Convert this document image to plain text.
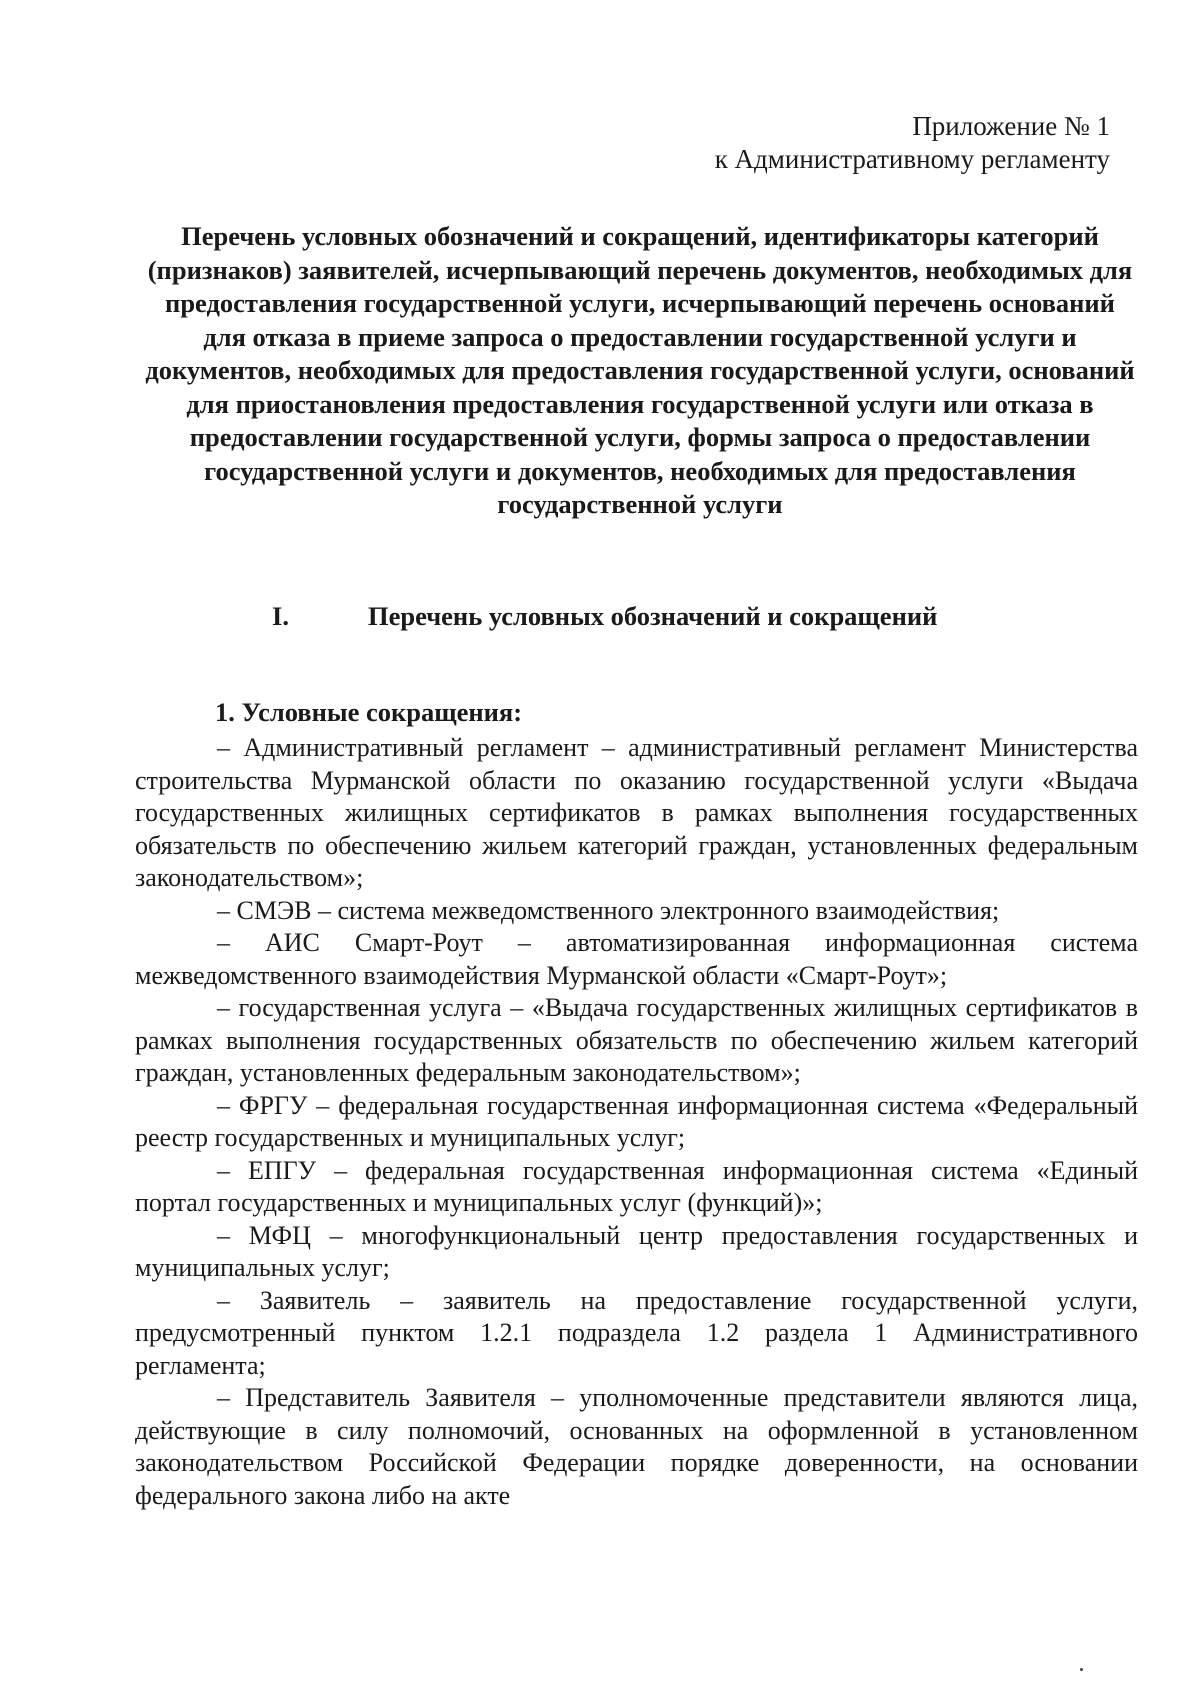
Приложение № 1
к Административному регламенту
Перечень условных обозначений и сокращений, идентификаторы категорий (признаков) заявителей, исчерпывающий перечень документов, необходимых для предоставления государственной услуги, исчерпывающий перечень оснований для отказа в приеме запроса о предоставлении государственной услуги и документов, необходимых для предоставления государственной услуги, оснований для приостановления предоставления государственной услуги или отказа в предоставлении государственной услуги, формы запроса о предоставлении государственной услуги и документов, необходимых для предоставления государственной услуги
I.	Перечень условных обозначений и сокращений
1. Условные сокращения:

– Административный регламент – административный регламент Министерства строительства Мурманской области по оказанию государственной услуги «Выдача государственных жилищных сертификатов в рамках выполнения государственных обязательств по обеспечению жильем категорий граждан, установленных федеральным законодательством»;

– СМЭВ – система межведомственного электронного взаимодействия;

– АИС Смарт-Роут – автоматизированная информационная система межведомственного взаимодействия Мурманской области «Смарт-Роут»;

– государственная услуга – «Выдача государственных жилищных сертификатов в рамках выполнения государственных обязательств по обеспечению жильем категорий граждан, установленных федеральным законодательством»;

– ФРГУ – федеральная государственная информационная система «Федеральный реестр государственных и муниципальных услуг;

– ЕПГУ – федеральная государственная информационная система «Единый портал государственных и муниципальных услуг (функций)»;

– МФЦ – многофункциональный центр предоставления государственных и муниципальных услуг;

– Заявитель – заявитель на предоставление государственной услуги, предусмотренный пунктом 1.2.1 подраздела 1.2 раздела 1 Административного регламента;

– Представитель Заявителя – уполномоченные представители являются лица, действующие в силу полномочий, основанных на оформленной в установленном законодательством Российской Федерации порядке доверенности, на основании федерального закона либо на акте
